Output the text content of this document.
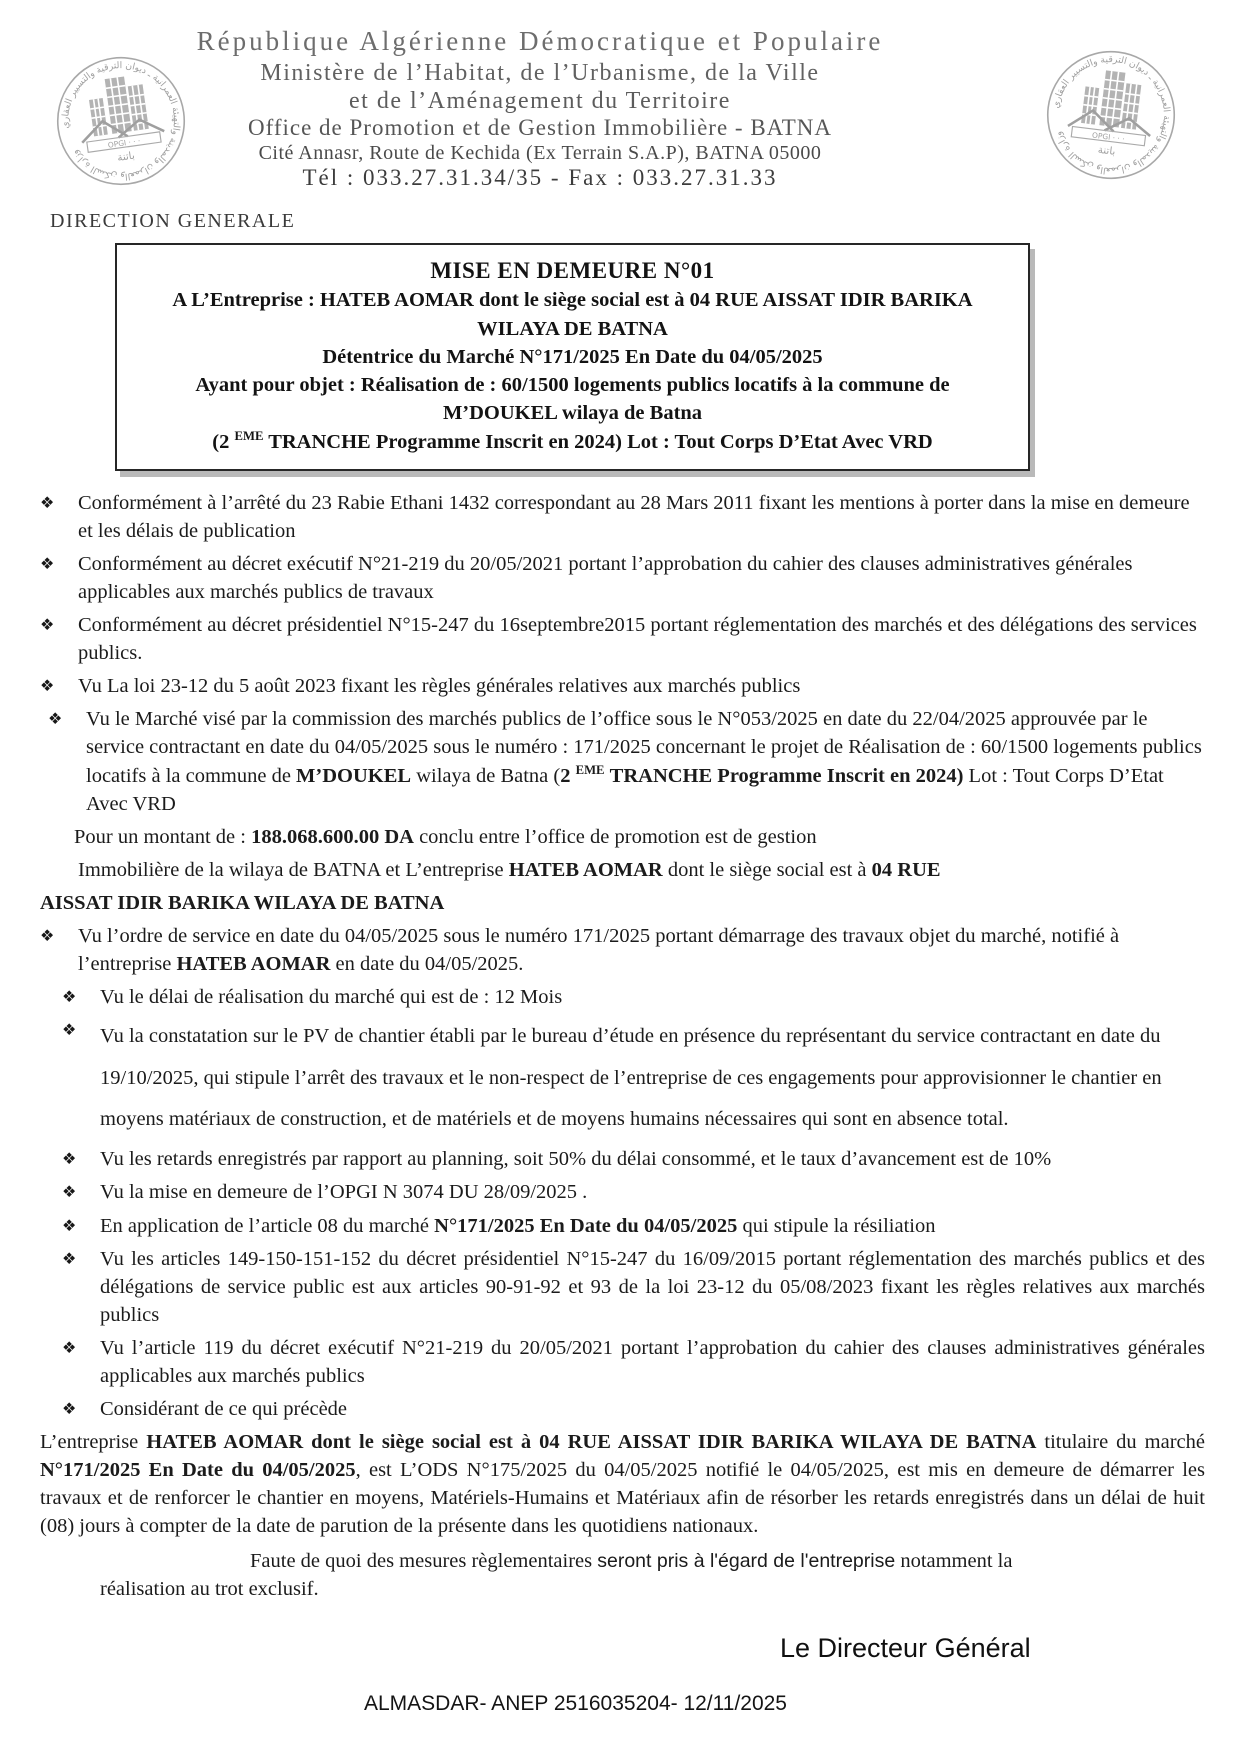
وزارة السكن والعمران والمدينة والتهيئة العمرانية ـ ديوان الترقية والتسيير العقاري
OPGI · · ·
باتنة
République Algérienne Démocratique et Populaire
Ministère de l’Habitat, de l’Urbanisme, de la Ville
et de l’Aménagement du Territoire
Office de Promotion et de Gestion Immobilière - BATNA
Cité Annasr, Route de Kechida (Ex Terrain S.A.P), BATNA 05000
Tél : 033.27.31.34/35 - Fax : 033.27.31.33
وزارة السكن والعمران والمدينة والتهيئة العمرانية ـ ديوان الترقية والتسيير العقاري	OPGI · · ·
باتنة
DIRECTION GENERALE
MISE EN DEMEURE N°01
A L’Entreprise : HATEB AOMAR dont le siège social est à 04 RUE AISSAT IDIR BARIKA
WILAYA DE BATNA
Détentrice du Marché N°171/2025 En Date du 04/05/2025
Ayant pour objet : Réalisation de : 60/1500 logements publics locatifs à la commune de
M’DOUKEL wilaya de Batna
(2 $^{EME}$ TRANCHE Programme Inscrit en 2024) Lot : Tout Corps D’Etat Avec VRD
❖	Conformément à l’arrêté du 23 Rabie Ethani 1432 correspondant au 28 Mars 2011 fixant les mentions à porter dans la mise en demeure et les délais de publication
❖	Conformément au décret exécutif N°21-219 du 20/05/2021 portant l’approbation du cahier des clauses administratives générales applicables aux marchés publics de travaux
❖	Conformément au décret présidentiel N°15-247 du 16septembre2015 portant réglementation des marchés et des délégations des services publics.
❖	Vu La loi 23-12 du 5 août 2023 fixant les règles générales relatives aux marchés publics
❖	Vu le Marché visé par la commission des marchés publics de l’office sous le N°053/2025 en date du 22/04/2025 approuvée par le service contractant en date du 04/05/2025 sous le numéro : 171/2025 concernant le projet de Réalisation de : 60/1500 logements publics locatifs à la commune de M’DOUKEL wilaya de Batna (2 $^{EME}$ TRANCHE Programme Inscrit en 2024) Lot : Tout Corps D’Etat Avec VRD
Pour un montant de : 188.068.600.00 DA conclu entre l’office de promotion est de gestion
Immobilière de la wilaya de BATNA et L’entreprise HATEB AOMAR dont le siège social est à 04 RUE
AISSAT IDIR BARIKA WILAYA DE BATNA
❖	Vu l’ordre de service en date du 04/05/2025 sous le numéro 171/2025 portant démarrage des travaux objet du marché, notifié à l’entreprise HATEB AOMAR en date du 04/05/2025.
❖	Vu le délai de réalisation du marché qui est de : 12 Mois
❖	Vu la constatation sur le PV de chantier établi par le bureau d’étude en présence du représentant du service contractant en date du 19/10/2025, qui stipule l’arrêt des travaux et le non-respect de l’entreprise de ces engagements pour approvisionner le chantier en moyens matériaux de construction, et de matériels et de moyens humains nécessaires qui sont en absence total.
❖	Vu les retards enregistrés par rapport au planning, soit 50% du délai consommé, et le taux d’avancement est de 10%
❖	Vu la mise en demeure de l’OPGI N 3074 DU 28/09/2025 .
❖	En application de l’article 08 du marché N°171/2025 En Date du 04/05/2025 qui stipule la résiliation
❖	Vu les articles 149-150-151-152 du décret présidentiel N°15-247 du 16/09/2015 portant réglementation des marchés publics et des délégations de service public est aux articles 90-91-92 et 93 de la loi 23-12 du 05/08/2023 fixant les règles relatives aux marchés publics
❖	Vu l’article 119 du décret exécutif N°21-219 du 20/05/2021 portant l’approbation du cahier des clauses administratives générales applicables aux marchés publics
❖	Considérant de ce qui précède
L’entreprise HATEB AOMAR dont le siège social est à 04 RUE AISSAT IDIR BARIKA WILAYA DE BATNA titulaire du marché N°171/2025 En Date du 04/05/2025, est L’ODS N°175/2025 du 04/05/2025 notifié le 04/05/2025, est mis en demeure de démarrer les travaux et de renforcer le chantier en moyens, Matériels-Humains et Matériaux afin de résorber les retards enregistrés dans un délai de huit (08) jours à compter de la date de parution de la présente dans les quotidiens nationaux.
Faute de quoi des mesures règlementaires seront pris à l'égard de l'entreprise notamment la réalisation au trot exclusif.
Le Directeur Général
ALMASDAR- ANEP 2516035204- 12/11/2025
